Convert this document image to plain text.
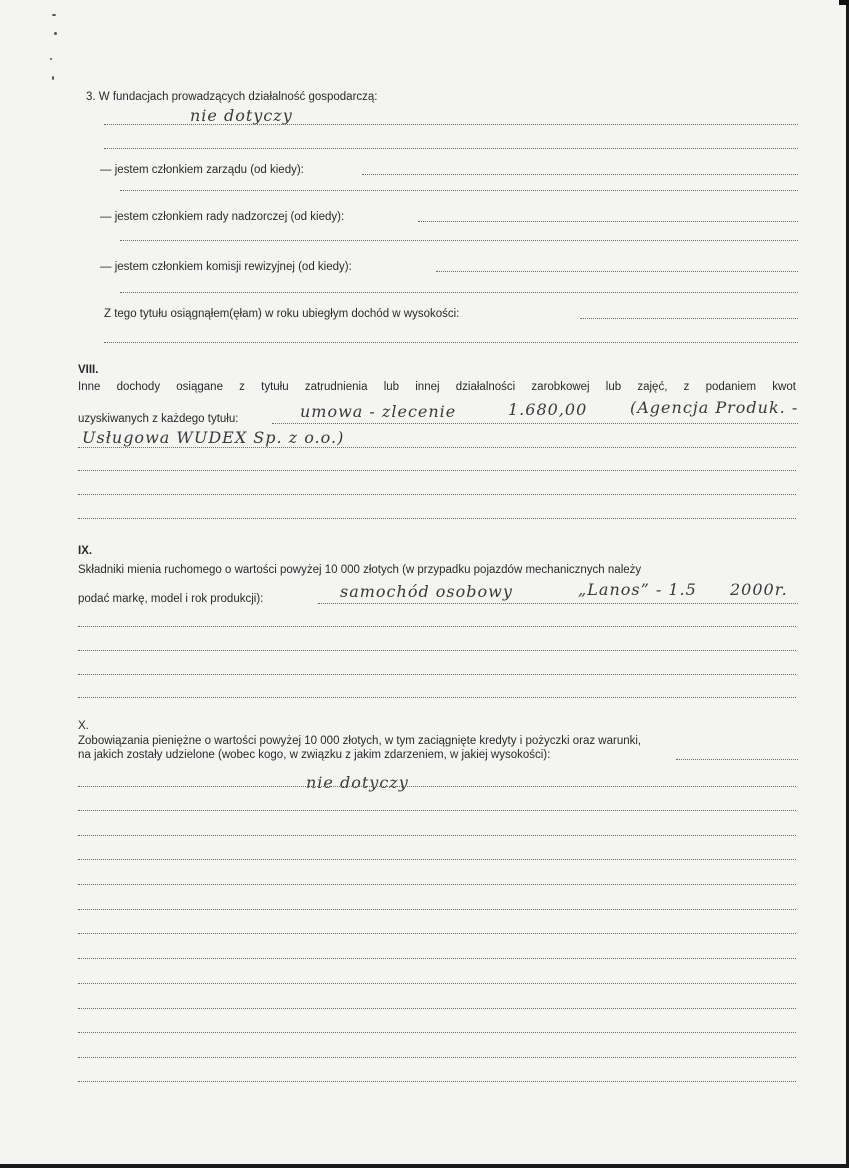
3. W fundacjach prowadzących działalność gospodarczą:
nie dotyczy
— jestem członkiem zarządu (od kiedy):
— jestem członkiem rady nadzorczej (od kiedy):
— jestem członkiem komisji rewizyjnej (od kiedy):
Z tego tytułu osiągnąłem(ęłam) w roku ubiegłym dochód w wysokości:
VIII.
Inne dochody osiągane z tytułu zatrudnienia lub innej działalności zarobkowej lub zajęć, z podaniem kwot
uzyskiwanych z każdego tytułu:	umowa - zlecenie	1.680,00	(Agencja Produk. -
Usługowa WUDEX Sp. z o.o.)
IX.
Składniki mienia ruchomego o wartości powyżej 10 000 złotych (w przypadku pojazdów mechanicznych należy
podać markę, model i rok produkcji):	samochód osobowy	„Lanos” - 1.5 2000r.
X.
Zobowiązania pieniężne o wartości powyżej 10 000 złotych, w tym zaciągnięte kredyty i pożyczki oraz warunki,
na jakich zostały udzielone (wobec kogo, w związku z jakim zdarzeniem, w jakiej wysokości):
nie dotyczy
